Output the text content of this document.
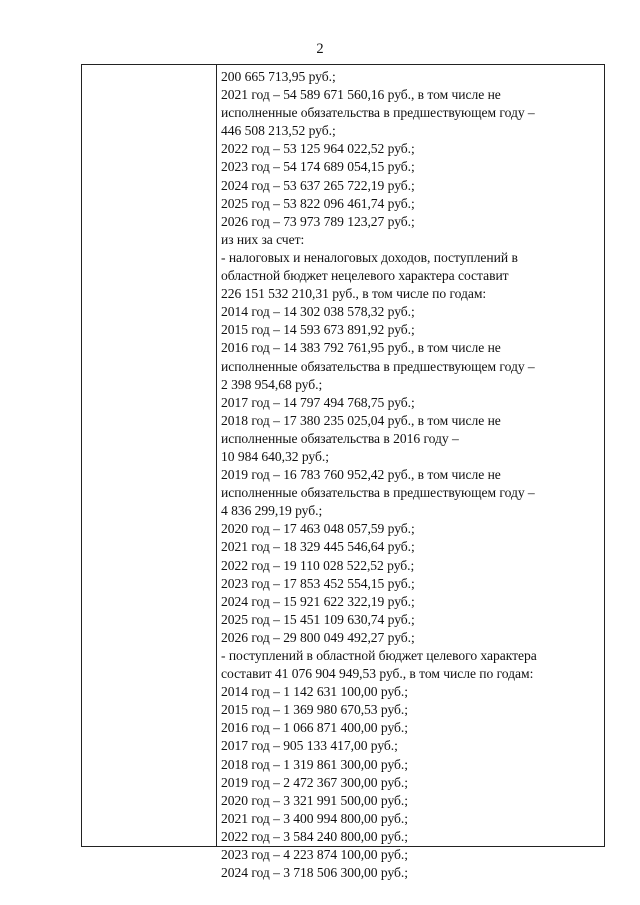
2
200 665 713,95 руб.;
2021 год – 54 589 671 560,16 руб., в том числе не
исполненные обязательства в предшествующем году –
446 508 213,52 руб.;
2022 год – 53 125 964 022,52 руб.;
2023 год – 54 174 689 054,15 руб.;
2024 год – 53 637 265 722,19 руб.;
2025 год – 53 822 096 461,74 руб.;
2026 год – 73 973 789 123,27 руб.;
из них за счет:
- налоговых и неналоговых доходов, поступлений в
областной бюджет нецелевого характера составит
226 151 532 210,31 руб., в том числе по годам:
2014 год – 14 302 038 578,32 руб.;
2015 год – 14 593 673 891,92 руб.;
2016 год – 14 383 792 761,95 руб., в том числе не
исполненные обязательства в предшествующем году –
2 398 954,68 руб.;
2017 год – 14 797 494 768,75 руб.;
2018 год – 17 380 235 025,04 руб., в том числе не
исполненные обязательства в 2016 году –
10 984 640,32 руб.;
2019 год – 16 783 760 952,42 руб., в том числе не
исполненные обязательства в предшествующем году –
4 836 299,19 руб.;
2020 год – 17 463 048 057,59 руб.;
2021 год – 18 329 445 546,64 руб.;
2022 год – 19 110 028 522,52 руб.;
2023 год – 17 853 452 554,15 руб.;
2024 год – 15 921 622 322,19 руб.;
2025 год – 15 451 109 630,74 руб.;
2026 год – 29 800 049 492,27 руб.;
- поступлений в областной бюджет целевого характера
составит 41 076 904 949,53 руб., в том числе по годам:
2014 год – 1 142 631 100,00 руб.;
2015 год – 1 369 980 670,53 руб.;
2016 год – 1 066 871 400,00 руб.;
2017 год – 905 133 417,00 руб.;
2018 год – 1 319 861 300,00 руб.;
2019 год – 2 472 367 300,00 руб.;
2020 год – 3 321 991 500,00 руб.;
2021 год – 3 400 994 800,00 руб.;
2022 год – 3 584 240 800,00 руб.;
2023 год – 4 223 874 100,00 руб.;
2024 год – 3 718 506 300,00 руб.;
